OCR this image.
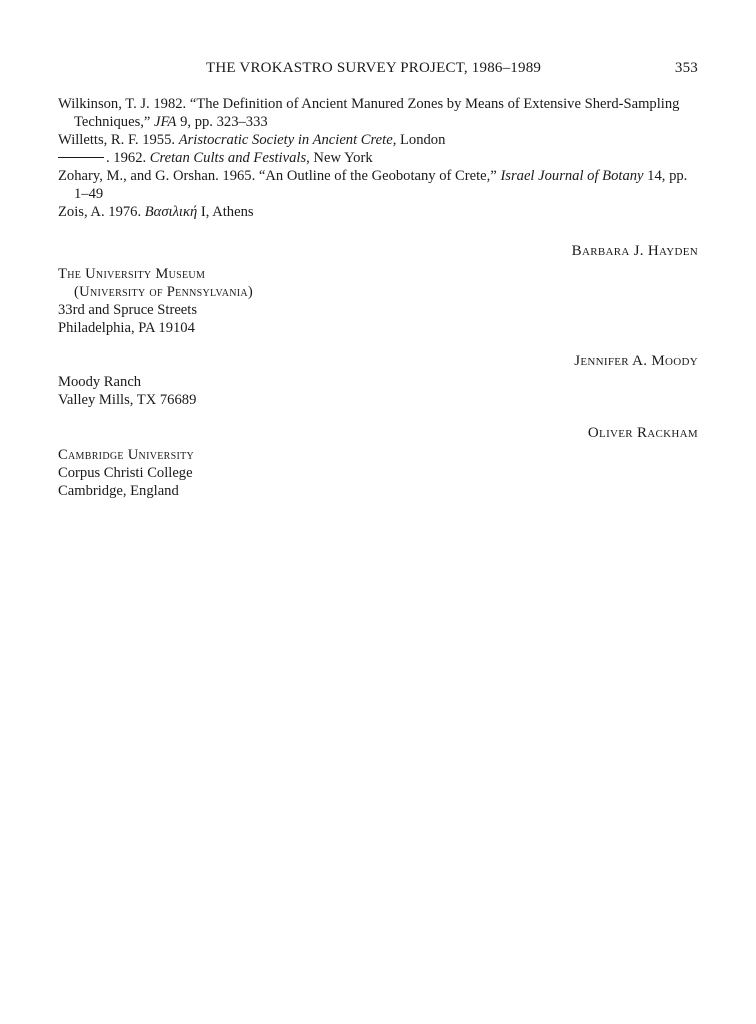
THE VROKASTRO SURVEY PROJECT, 1986–1989	353

Wilkinson, T. J. 1982. “The Definition of Ancient Manured Zones by Means of Extensive Sherd-Sampling Techniques,” JFA 9, pp. 323–333

Willetts, R. F. 1955. Aristocratic Society in Ancient Crete, London

. 1962. Cretan Cults and Festivals, New York

Zohary, M., and G. Orshan. 1965. “An Outline of the Geobotany of Crete,” Israel Journal of Botany 14, pp. 1–49

Zois, A. 1976. Βασιλική I, Athens

Barbara J. Hayden
The University Museum
(University of Pennsylvania)
33rd and Spruce Streets
Philadelphia, PA 19104
Jennifer A. Moody
Moody Ranch
Valley Mills, TX 76689
Oliver Rackham
Cambridge University
Corpus Christi College
Cambridge, England
